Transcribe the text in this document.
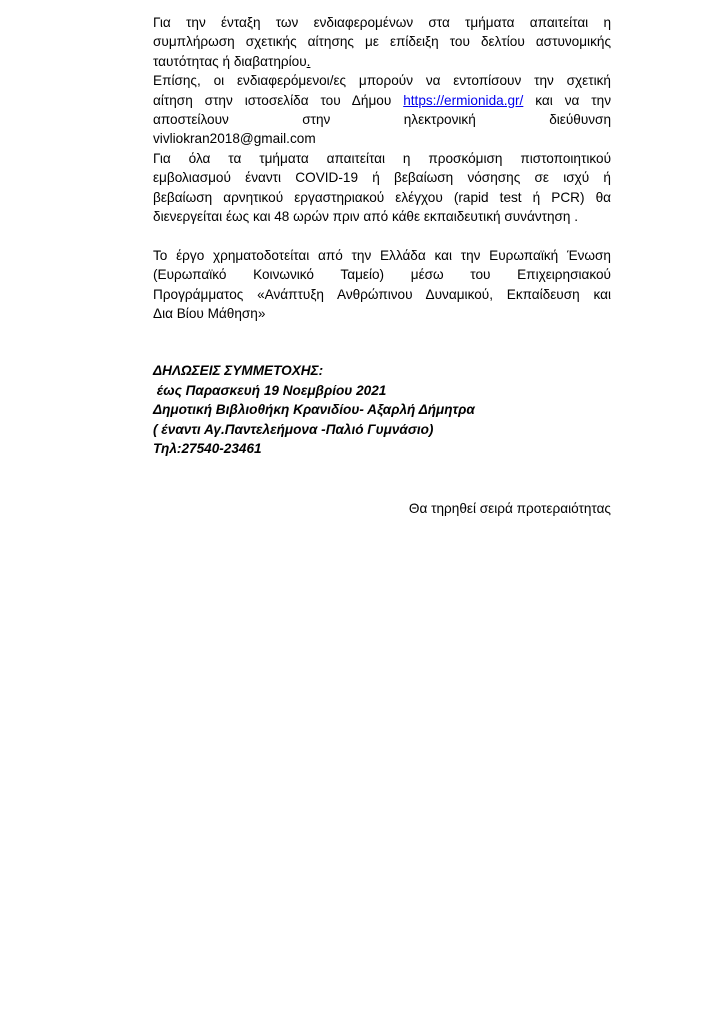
Για την ένταξη των ενδιαφερομένων στα τμήματα απαιτείται η
συμπλήρωση σχετικής αίτησης με επίδειξη του δελτίου αστυνομικής
ταυτότητας ή διαβατηρίου.
Επίσης, οι ενδιαφερόμενοι/ες μπορούν να εντοπίσουν την σχετική
αίτηση στην ιστοσελίδα του Δήμου https://ermionida.gr/ και να την
αποστείλουν	στην	ηλεκτρονική	διεύθυνση
vivliokran2018@gmail.com
Για όλα τα τμήματα απαιτείται η προσκόμιση πιστοποιητικού
εμβολιασμού έναντι COVID-19 ή βεβαίωση νόσησης σε ισχύ ή
βεβαίωση αρνητικού εργαστηριακού ελέγχου (rapid test ή PCR) θα
διενεργείται έως και 48 ωρών πριν από κάθε εκπαιδευτική συνάντηση .
Το έργο χρηματοδοτείται από την Ελλάδα και την Ευρωπαϊκή Ένωση
(Ευρωπαϊκό Κοινωνικό Ταμείο) μέσω του Επιχειρησιακού
Προγράμματος «Ανάπτυξη Ανθρώπινου Δυναμικού, Εκπαίδευση και
Δια Βίου Μάθηση»
ΔΗΛΩΣΕΙΣ ΣΥΜΜΕΤΟΧΗΣ:
έως Παρασκευή 19 Νοεμβρίου 2021
Δημοτική Βιβλιοθήκη Κρανιδίου- Αξαρλή Δήμητρα
( έναντι Αγ.Παντελεήμονα -Παλιό Γυμνάσιο)
Τηλ:27540-23461
Θα τηρηθεί σειρά προτεραιότητας
